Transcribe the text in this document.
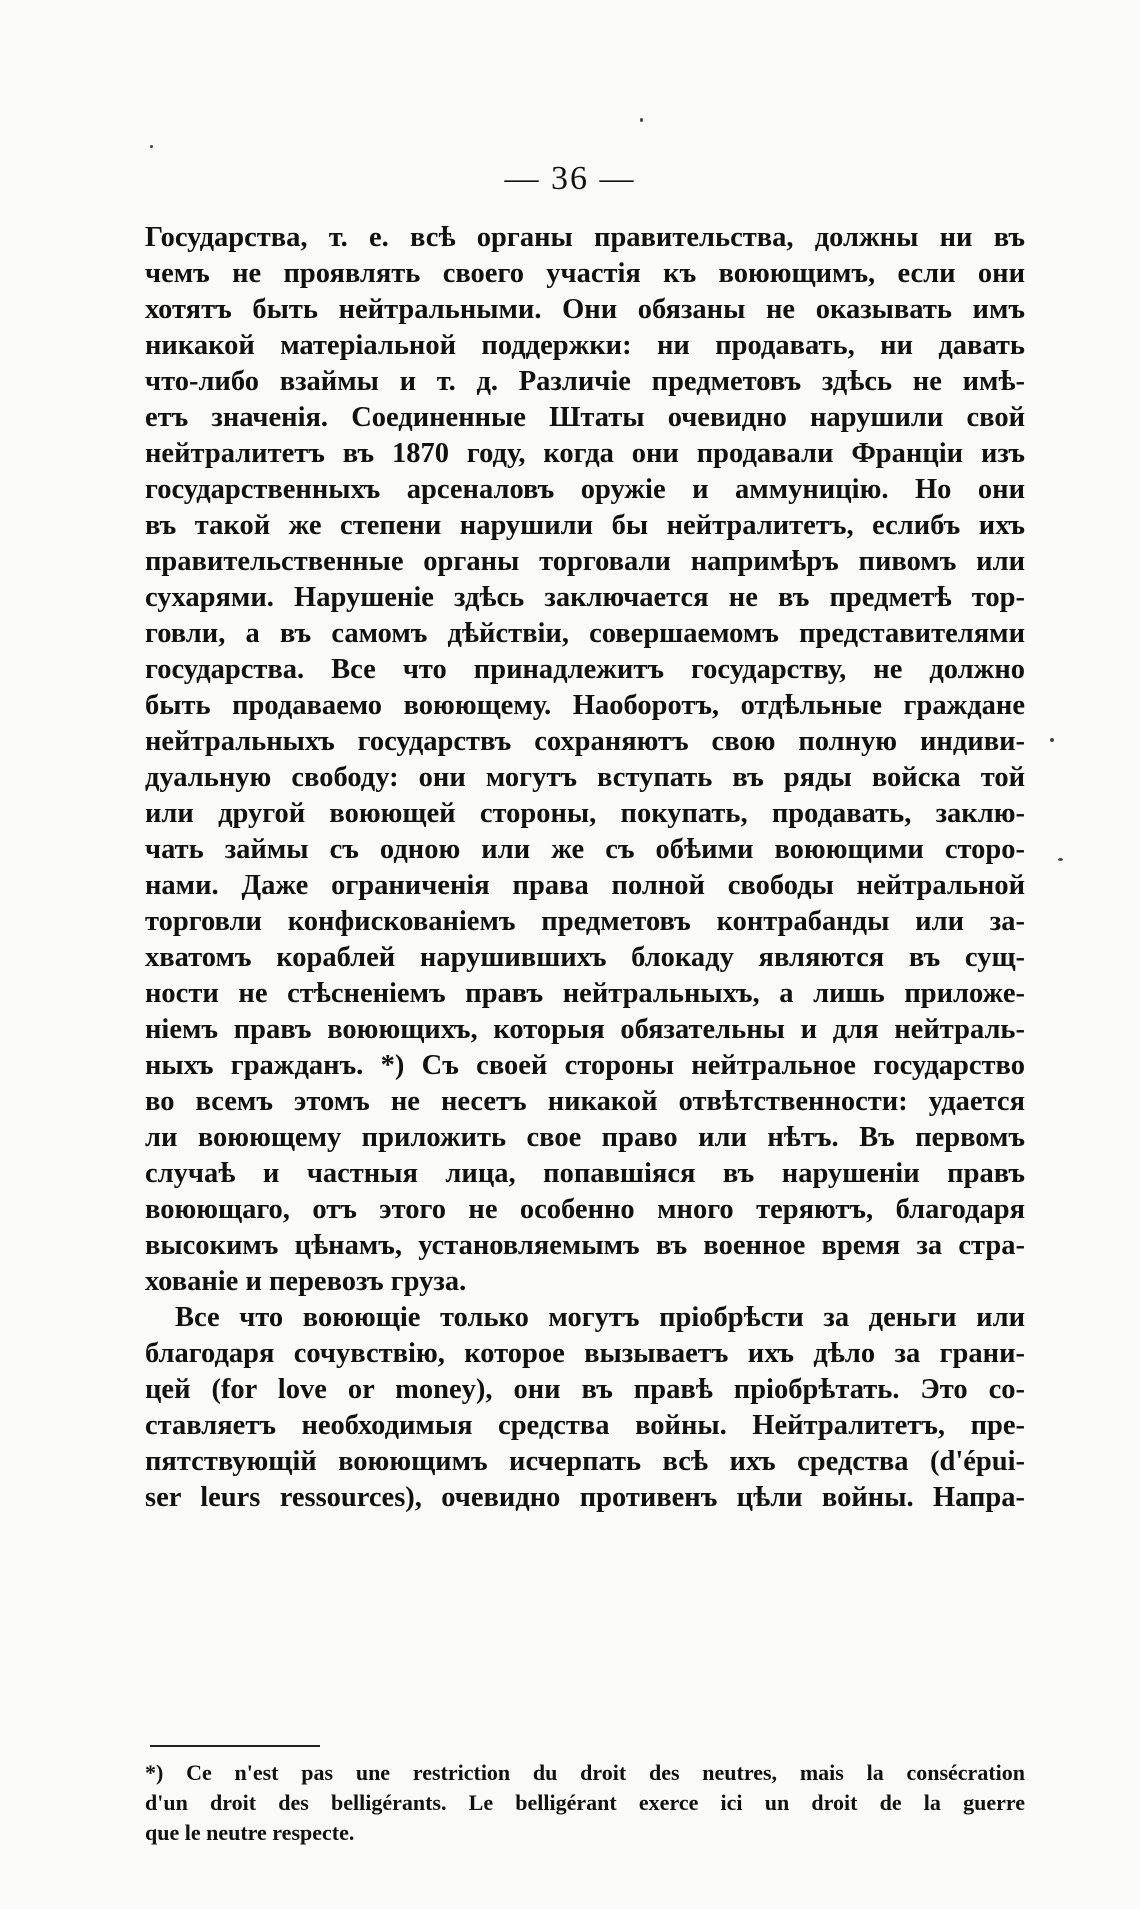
— 36 —
Государства, т. е. всѣ органы правительства, должны ни въ
чемъ не проявлять своего участія къ воюющимъ, если они
хотятъ быть нейтральными. Они обязаны не оказывать имъ
никакой матеріальной поддержки: ни продавать, ни давать
что-либо взаймы и т. д. Различіе предметовъ здѣсь не имѣ-
етъ значенія. Соединенные Штаты очевидно нарушили свой
нейтралитетъ въ 1870 году, когда они продавали Франціи изъ
государственныхъ арсеналовъ оружіе и аммуницію. Но они
въ такой же степени нарушили бы нейтралитетъ, еслибъ ихъ
правительственные органы торговали напримѣръ пивомъ или
сухарями. Нарушеніе здѣсь заключается не въ предметѣ тор-
говли, а въ самомъ дѣйствіи, совершаемомъ представителями
государства. Все что принадлежитъ государству, не должно
быть продаваемо воюющему. Наоборотъ, отдѣльные граждане
нейтральныхъ государствъ сохраняютъ свою полную индиви-
дуальную свободу: они могутъ вступать въ ряды войска той
или другой воюющей стороны, покупать, продавать, заклю-
чать займы съ одною или же съ обѣими воюющими сторо-
нами. Даже ограниченія права полной свободы нейтральной
торговли конфискованіемъ предметовъ контрабанды или за-
хватомъ кораблей нарушившихъ блокаду являются въ сущ-
ности не стѣсненіемъ правъ нейтральныхъ, а лишь приложе-
ніемъ правъ воюющихъ, которыя обязательны и для нейтраль-
ныхъ гражданъ. *) Съ своей стороны нейтральное государство
во всемъ этомъ не несетъ никакой отвѣтственности: удается
ли воюющему приложить свое право или нѣтъ. Въ первомъ
случаѣ и частныя лица, попавшіяся въ нарушеніи правъ
воюющаго, отъ этого не особенно много теряютъ, благодаря
высокимъ цѣнамъ, установляемымъ въ военное время за стра-
хованіе и перевозъ груза.
Все что воюющіе только могутъ пріобрѣсти за деньги или
благодаря сочувствію, которое вызываетъ ихъ дѣло за грани-
цей (for love or money), они въ правѣ пріобрѣтать. Это со-
ставляетъ необходимыя средства войны. Нейтралитетъ, пре-
пятствующій воюющимъ исчерпать всѣ ихъ средства (d'épui-
ser leurs ressources), очевидно противенъ цѣли войны. Напра-
*) Ce n'est pas une restriction du droit des neutres, mais la consécration
d'un droit des belligérants. Le belligérant exerce ici un droit de la guerre
que le neutre respecte.
